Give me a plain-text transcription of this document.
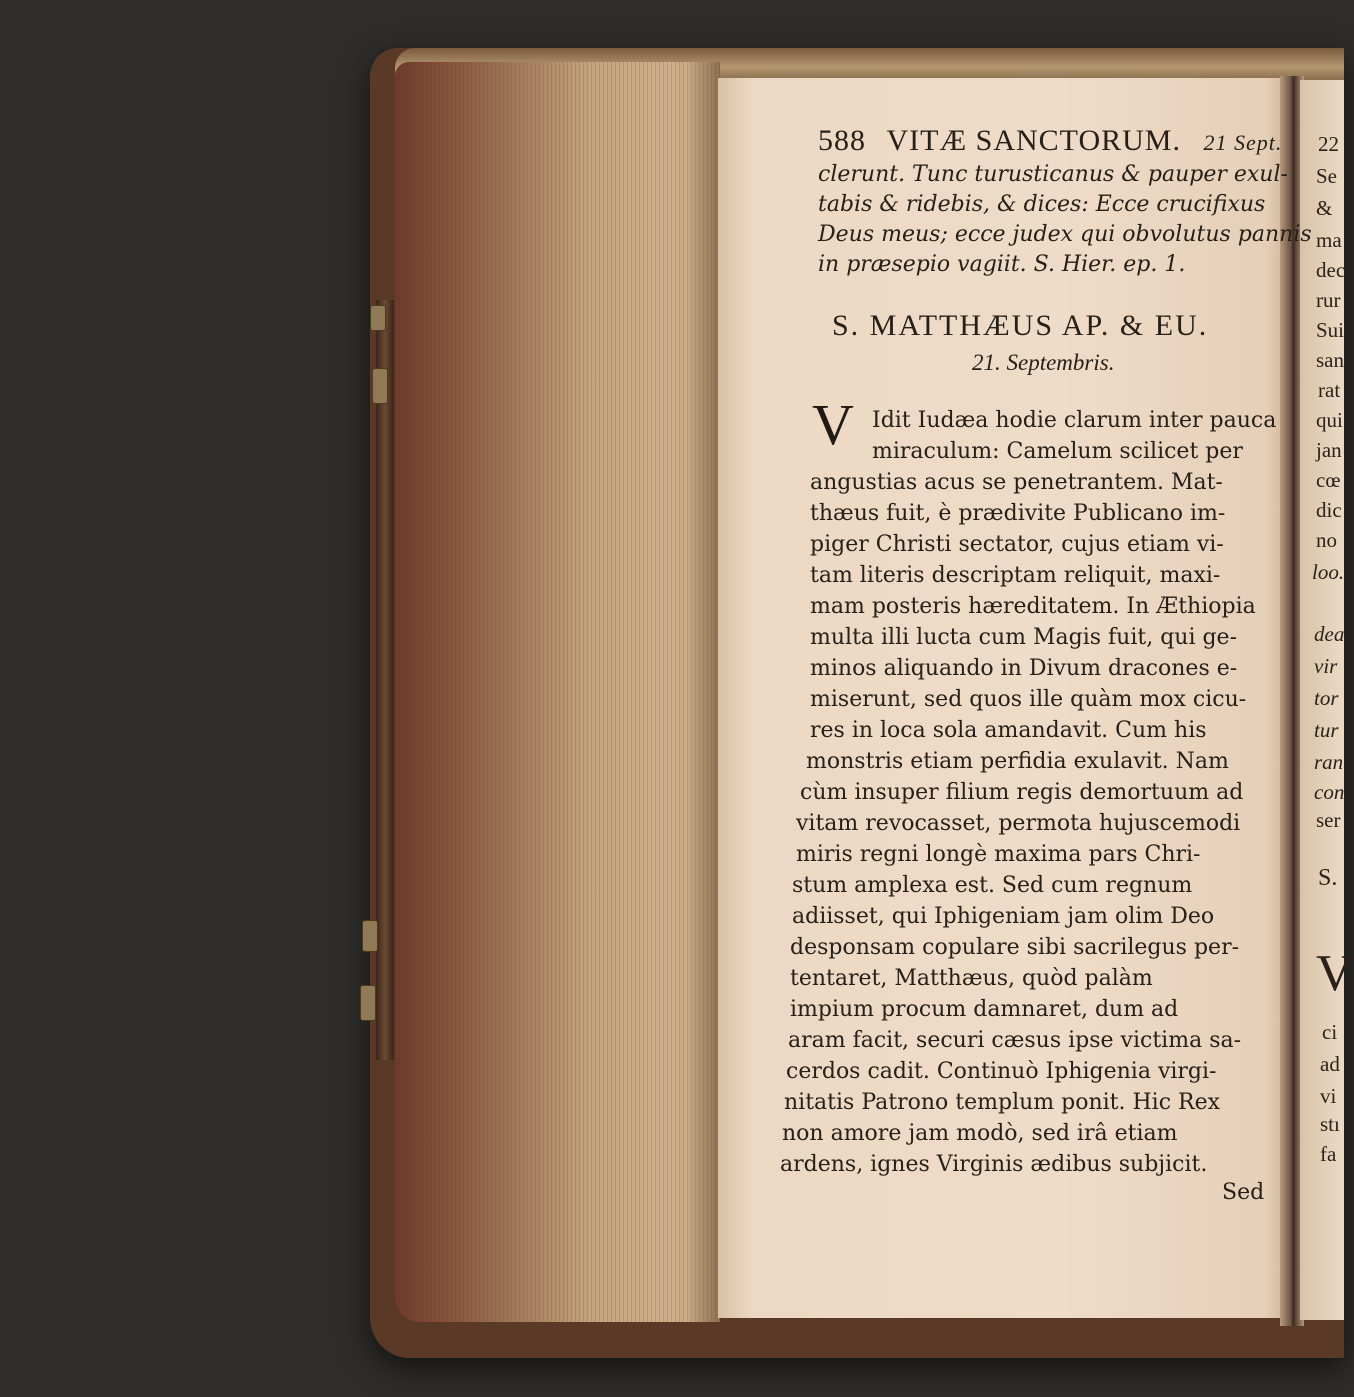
588 VITÆ SANCTORUM. 21 Sept.
clerunt. Tunc turusticanus & pauper exul-
tabis & ridebis, & dices: Ecce crucifixus
Deus meus; ecce judex qui obvolutus pannis
in præsepio vagiit. S. Hier. ep. 1.
S. MATTHÆUS AP. & EU.
21. Septembris.
V Idit Iudæa hodie clarum inter pauca
miraculum: Camelum scilicet per
angustias acus se penetrantem. Mat-
thæus fuit, è prædivite Publicano im-
piger Christi sectator, cujus etiam vi-
tam literis descriptam reliquit, maxi-
mam posteris hæreditatem. In Æthiopia
multa illi lucta cum Magis fuit, qui ge-
minos aliquando in Divum dracones e-
miserunt, sed quos ille quàm mox cicu-
res in loca sola amandavit. Cum his
monstris etiam perfidia exulavit. Nam
cùm insuper filium regis demortuum ad
vitam revocasset, permota hujuscemodi
miris regni longè maxima pars Chri-
stum amplexa est. Sed cum regnum
adiisset, qui Iphigeniam jam olim Deo
desponsam copulare sibi sacrilegus per-
tentaret, Matthæus, quòd palàm
impium procum damnaret, dum ad
aram facit, securi cæsus ipse victima sa-
cerdos cadit. Continuò Iphigenia virgi-
nitatis Patrono templum ponit. Hic Rex
non amore jam modò, sed irâ etiam
ardens, ignes Virginis ædibus subjicit.
Sed
22
Se
&
ma
dec
rur
Sui
san
rat
qui
jan
cœ
dic
no
loo.
dea
vir
tor
tur
ran
con
ser
S.
V
ci
ad
vi
stı
fa
